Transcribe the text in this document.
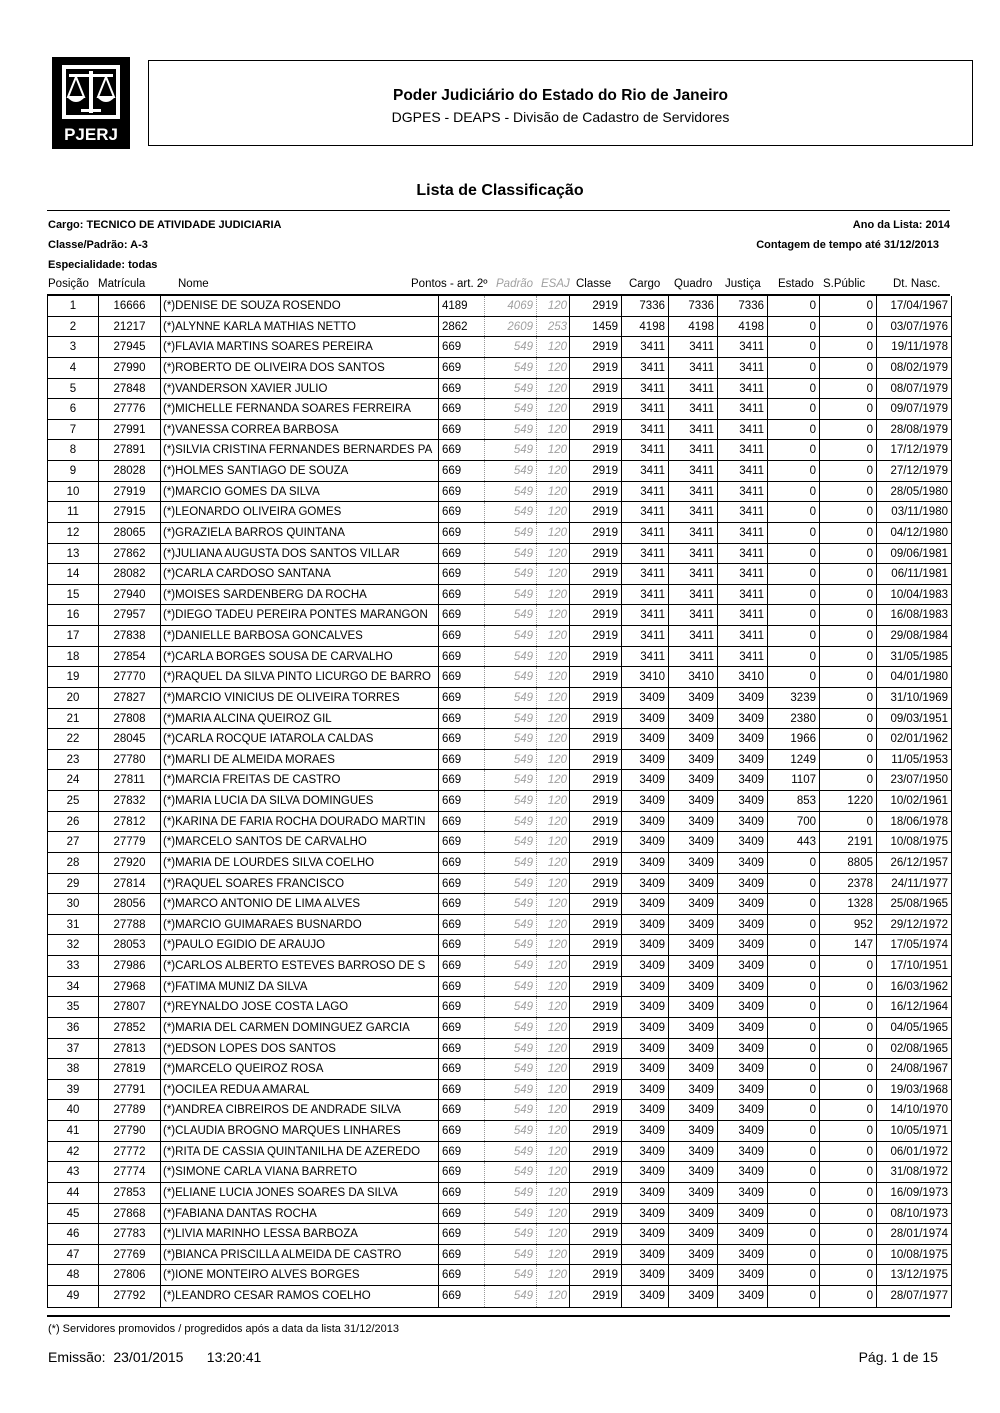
PJERJ
Poder Judiciário do Estado do Rio de Janeiro
DGPES - DEAPS - Divisão de Cadastro de Servidores
Lista de Classificação
Cargo: TECNICO DE ATIVIDADE JUDICIARIA	Ano da Lista: 2014
Classe/Padrão: A-3	Contagem de tempo até 31/12/2013
Especialidade: todas
Posição Matrícula	Nome	Pontos - art. 2º Padrão ESAJ Classe Cargo Quadro Justiça Estado S.Públic Dt. Nasc.
1	16666	(*)DENISE DE SOUZA ROSENDO	4189	4069	120	2919	7336	7336	7336	0	0	17/04/1967
2	21217	(*)ALYNNE KARLA MATHIAS NETTO	2862	2609	253	1459	4198	4198	4198	0	0	03/07/1976
3	27945	(*)FLAVIA MARTINS SOARES PEREIRA	669	549	120	2919	3411	3411	3411	0	0	19/11/1978
4	27990	(*)ROBERTO DE OLIVEIRA DOS SANTOS	669	549	120	2919	3411	3411	3411	0	0	08/02/1979
5	27848	(*)VANDERSON XAVIER JULIO	669	549	120	2919	3411	3411	3411	0	0	08/07/1979
6	27776	(*)MICHELLE FERNANDA SOARES FERREIRA	669	549	120	2919	3411	3411	3411	0	0	09/07/1979
7	27991	(*)VANESSA CORREA BARBOSA	669	549	120	2919	3411	3411	3411	0	0	28/08/1979
8	27891	(*)SILVIA CRISTINA FERNANDES BERNARDES PA 669	549	120	2919	3411	3411	3411	0	0	17/12/1979
9	28028	(*)HOLMES SANTIAGO DE SOUZA	669	549	120	2919	3411	3411	3411	0	0	27/12/1979
10	27919	(*)MARCIO GOMES DA SILVA	669	549	120	2919	3411	3411	3411	0	0	28/05/1980
11	27915	(*)LEONARDO OLIVEIRA GOMES	669	549	120	2919	3411	3411	3411	0	0	03/11/1980
12	28065	(*)GRAZIELA BARROS QUINTANA	669	549	120	2919	3411	3411	3411	0	0	04/12/1980
13	27862	(*)JULIANA AUGUSTA DOS SANTOS VILLAR	669	549	120	2919	3411	3411	3411	0	0	09/06/1981
14	28082	(*)CARLA CARDOSO SANTANA	669	549	120	2919	3411	3411	3411	0	0	06/11/1981
15	27940	(*)MOISES SARDENBERG DA ROCHA	669	549	120	2919	3411	3411	3411	0	0	10/04/1983
16	27957	(*)DIEGO TADEU PEREIRA PONTES MARANGON	669	549	120	2919	3411	3411	3411	0	0	16/08/1983
17	27838	(*)DANIELLE BARBOSA GONCALVES	669	549	120	2919	3411	3411	3411	0	0	29/08/1984
18	27854	(*)CARLA BORGES SOUSA DE CARVALHO	669	549	120	2919	3411	3411	3411	0	0	31/05/1985
19	27770	(*)RAQUEL DA SILVA PINTO LICURGO DE BARRO 669	549	120	2919	3410	3410	3410	0	0	04/01/1980
20	27827	(*)MARCIO VINICIUS DE OLIVEIRA TORRES	669	549	120	2919	3409	3409	3409	3239	0	31/10/1969
21	27808	(*)MARIA ALCINA QUEIROZ GIL	669	549	120	2919	3409	3409	3409	2380	0	09/03/1951
22	28045	(*)CARLA ROCQUE IATAROLA CALDAS	669	549	120	2919	3409	3409	3409	1966	0	02/01/1962
23	27780	(*)MARLI DE ALMEIDA MORAES	669	549	120	2919	3409	3409	3409	1249	0	11/05/1953
24	27811	(*)MARCIA FREITAS DE CASTRO	669	549	120	2919	3409	3409	3409	1107	0	23/07/1950
25	27832	(*)MARIA LUCIA DA SILVA DOMINGUES	669	549	120	2919	3409	3409	3409	853	1220	10/02/1961
26	27812	(*)KARINA DE FARIA ROCHA DOURADO MARTIN	669	549	120	2919	3409	3409	3409	700	0	18/06/1978
27	27779	(*)MARCELO SANTOS DE CARVALHO	669	549	120	2919	3409	3409	3409	443	2191	10/08/1975
28	27920	(*)MARIA DE LOURDES SILVA COELHO	669	549	120	2919	3409	3409	3409	0	8805	26/12/1957
29	27814	(*)RAQUEL SOARES FRANCISCO	669	549	120	2919	3409	3409	3409	0	2378	24/11/1977
30	28056	(*)MARCO ANTONIO DE LIMA ALVES	669	549	120	2919	3409	3409	3409	0	1328	25/08/1965
31	27788	(*)MARCIO GUIMARAES BUSNARDO	669	549	120	2919	3409	3409	3409	0	952	29/12/1972
32	28053	(*)PAULO EGIDIO DE ARAUJO	669	549	120	2919	3409	3409	3409	0	147	17/05/1974
33	27986	(*)CARLOS ALBERTO ESTEVES BARROSO DE S	669	549	120	2919	3409	3409	3409	0	0	17/10/1951
34	27968	(*)FATIMA MUNIZ DA SILVA	669	549	120	2919	3409	3409	3409	0	0	16/03/1962
35	27807	(*)REYNALDO JOSE COSTA LAGO	669	549	120	2919	3409	3409	3409	0	0	16/12/1964
36	27852	(*)MARIA DEL CARMEN DOMINGUEZ GARCIA	669	549	120	2919	3409	3409	3409	0	0	04/05/1965
37	27813	(*)EDSON LOPES DOS SANTOS	669	549	120	2919	3409	3409	3409	0	0	02/08/1965
38	27819	(*)MARCELO QUEIROZ ROSA	669	549	120	2919	3409	3409	3409	0	0	24/08/1967
39	27791	(*)OCILEA REDUA AMARAL	669	549	120	2919	3409	3409	3409	0	0	19/03/1968
40	27789	(*)ANDREA CIBREIROS DE ANDRADE SILVA	669	549	120	2919	3409	3409	3409	0	0	14/10/1970
41	27790	(*)CLAUDIA BROGNO MARQUES LINHARES	669	549	120	2919	3409	3409	3409	0	0	10/05/1971
42	27772	(*)RITA DE CASSIA QUINTANILHA DE AZEREDO	669	549	120	2919	3409	3409	3409	0	0	06/01/1972
43	27774	(*)SIMONE CARLA VIANA BARRETO	669	549	120	2919	3409	3409	3409	0	0	31/08/1972
44	27853	(*)ELIANE LUCIA JONES SOARES DA SILVA	669	549	120	2919	3409	3409	3409	0	0	16/09/1973
45	27868	(*)FABIANA DANTAS ROCHA	669	549	120	2919	3409	3409	3409	0	0	08/10/1973
46	27783	(*)LIVIA MARINHO LESSA BARBOZA	669	549	120	2919	3409	3409	3409	0	0	28/01/1974
47	27769	(*)BIANCA PRISCILLA ALMEIDA DE CASTRO	669	549	120	2919	3409	3409	3409	0	0	10/08/1975
48	27806	(*)IONE MONTEIRO ALVES BORGES	669	549	120	2919	3409	3409	3409	0	0	13/12/1975
49	27792	(*)LEANDRO CESAR RAMOS COELHO	669	549	120	2919	3409	3409	3409	0	0	28/07/1977
(*) Servidores promovidos / progredidos após a data da lista 31/12/2013
Emissão: 23/01/2015 13:20:41	Pág. 1 de 15
